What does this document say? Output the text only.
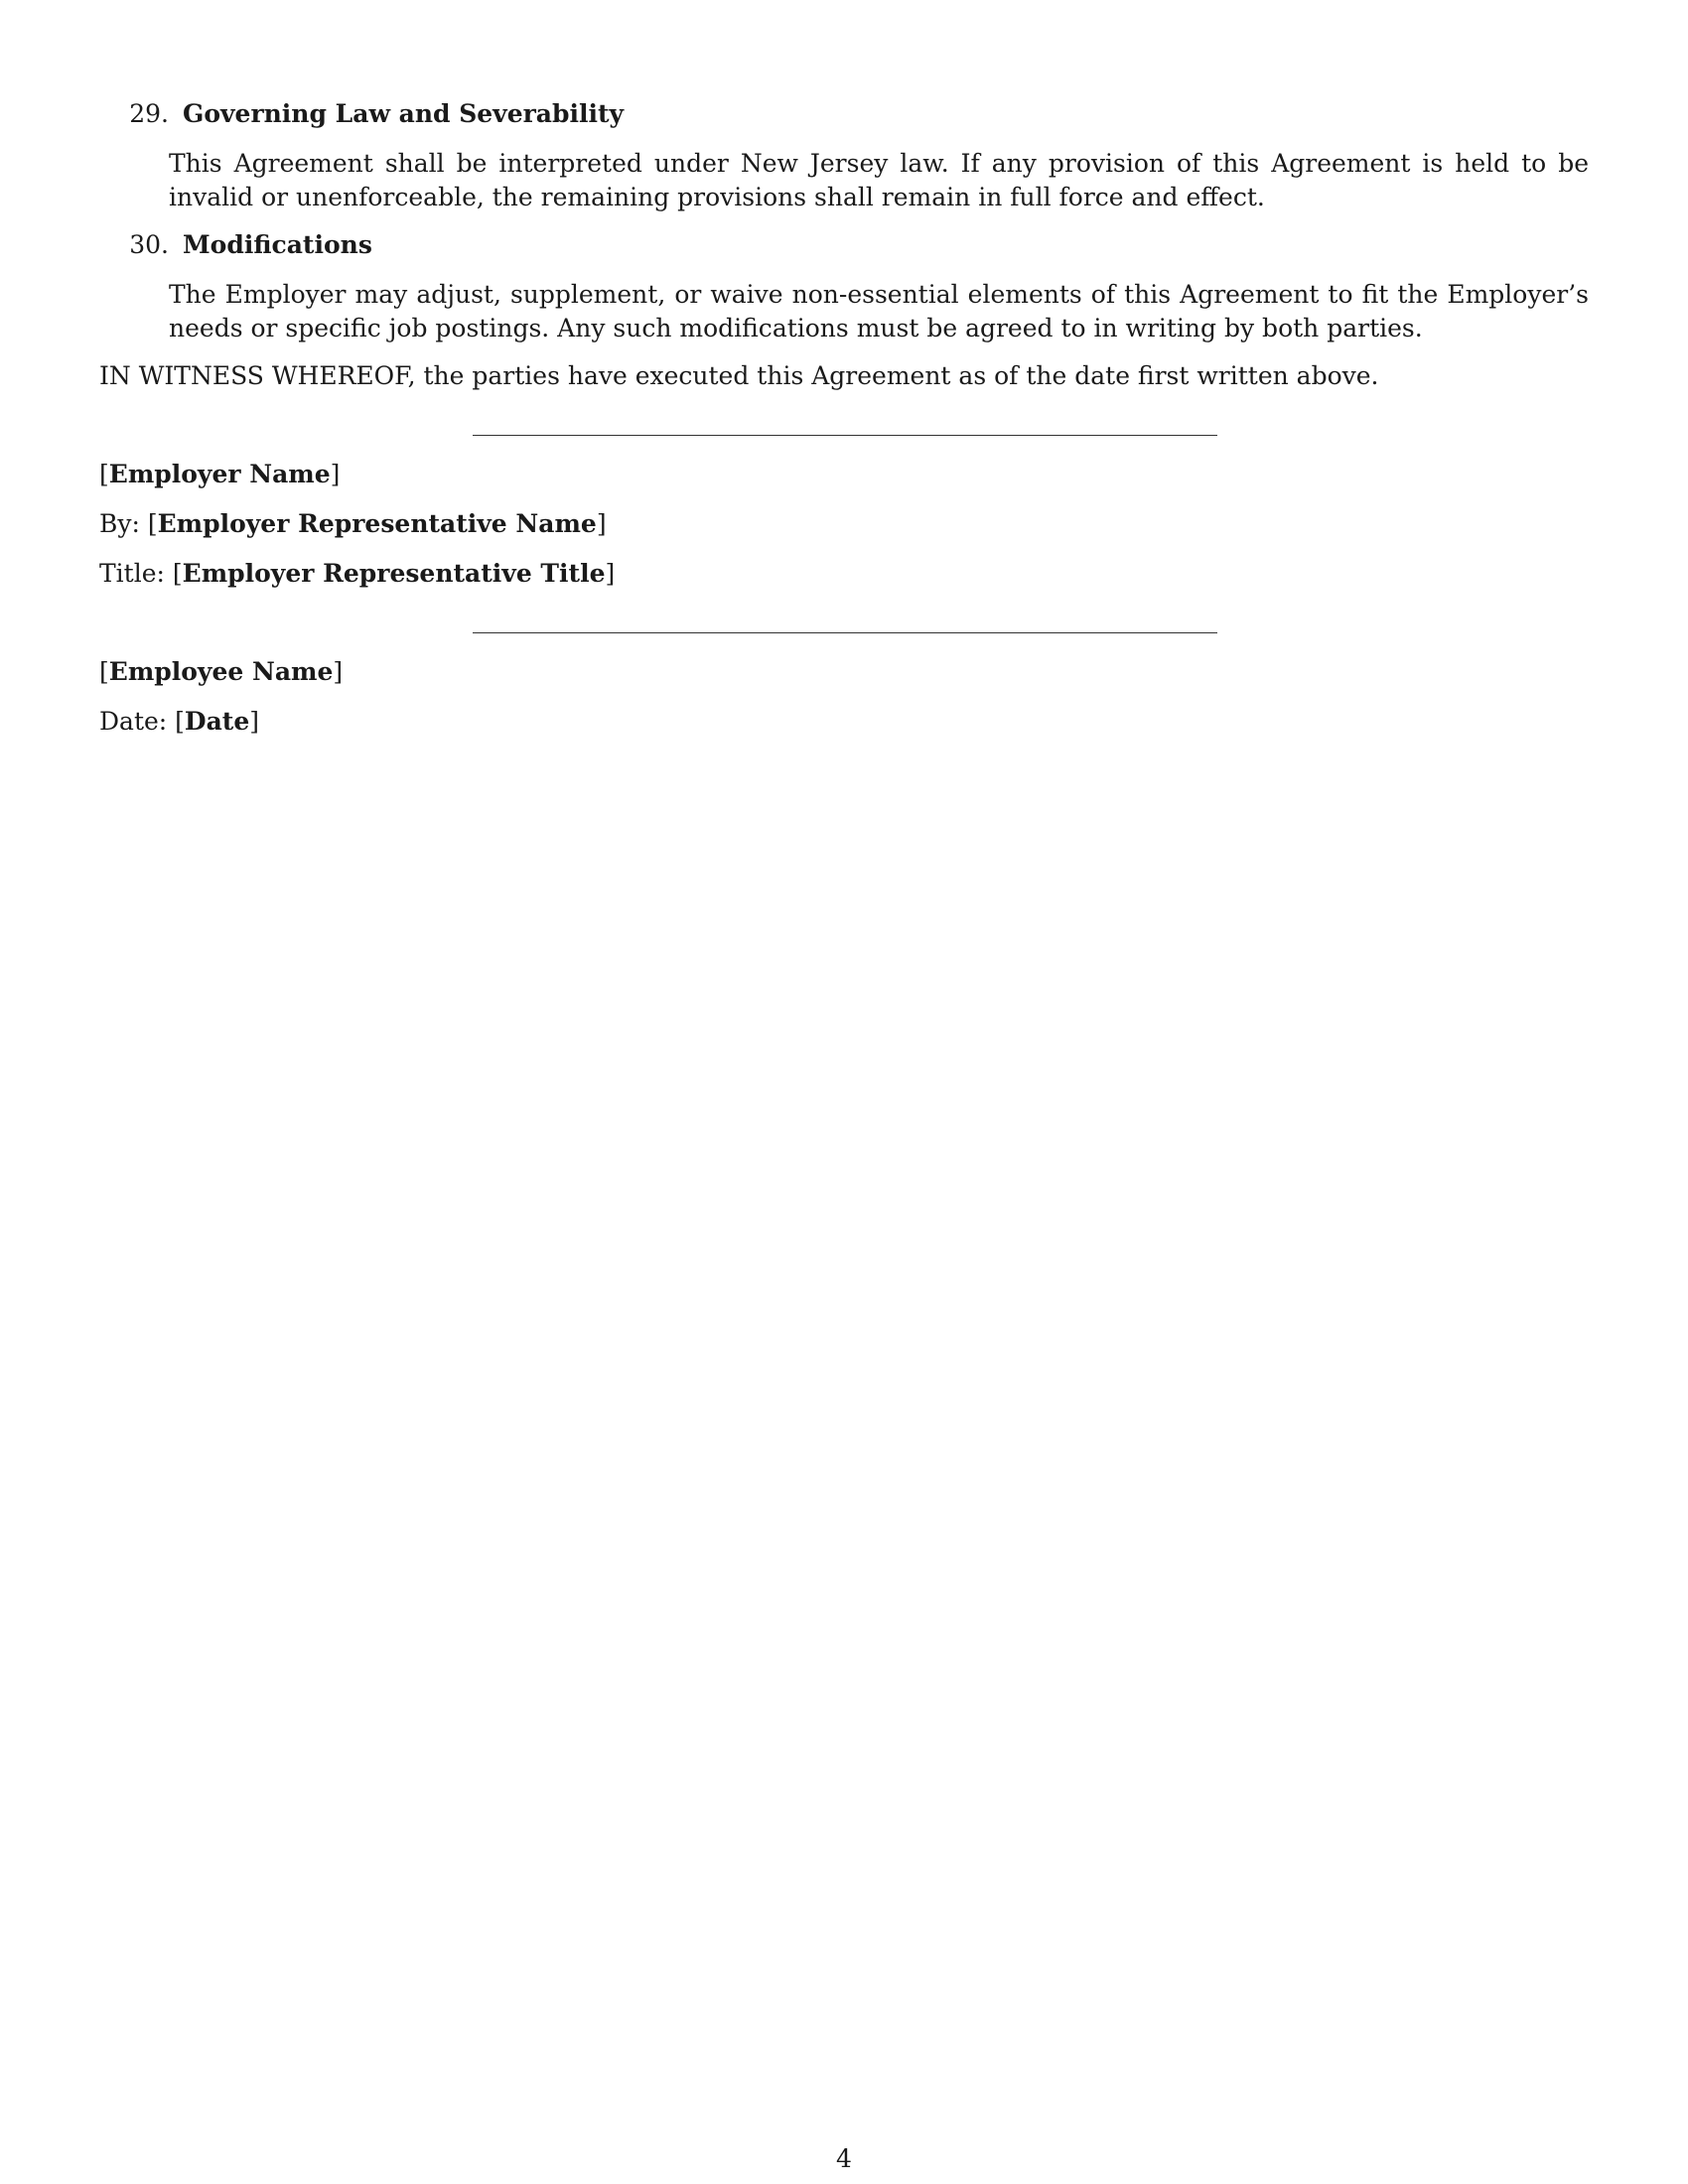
29. Governing Law and Severability
This Agreement shall be interpreted under New Jersey law. If any provision of this Agreement is held to be invalid or unenforceable, the remaining provisions shall remain in full force and effect.
30. Modifications
The Employer may adjust, supplement, or waive non-essential elements of this Agreement to fit the Employer’s needs or specific job postings. Any such modifications must be agreed to in writing by both parties.
IN WITNESS WHEREOF, the parties have executed this Agreement as of the date first written above.
[Employer Name]
By: [Employer Representative Name]
Title: [Employer Representative Title]
[Employee Name]
Date: [Date]
4
